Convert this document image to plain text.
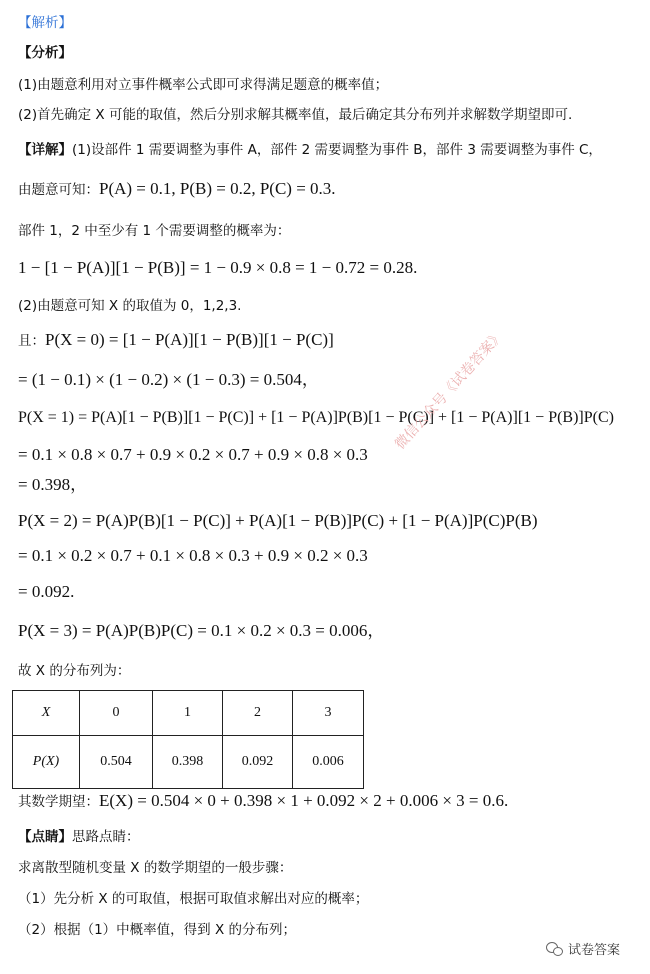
【解析】
【分析】
(1)由题意利用对立事件概率公式即可求得满足题意的概率值；
(2)首先确定 X 可能的取值，然后分别求解其概率值，最后确定其分布列并求解数学期望即可.
【详解】(1)设部件 1 需要调整为事件 A，部件 2 需要调整为事件 B，部件 3 需要调整为事件 C，
由题意可知：P(A) = 0.1, P(B) = 0.2, P(C) = 0.3.
部件 1，2 中至少有 1 个需要调整的概率为：
1 − [1 − P(A)][1 − P(B)] = 1 − 0.9 × 0.8 = 1 − 0.72 = 0.28.
(2)由题意可知 X 的取值为 0，1,2,3.
且：P(X = 0) = [1 − P(A)][1 − P(B)][1 − P(C)]
= (1 − 0.1) × (1 − 0.2) × (1 − 0.3) = 0.504，
P(X = 1) = P(A)[1 − P(B)][1 − P(C)] + [1 − P(A)]P(B)[1 − P(C)] + [1 − P(A)][1 − P(B)]P(C)
= 0.1 × 0.8 × 0.7 + 0.9 × 0.2 × 0.7 + 0.9 × 0.8 × 0.3
= 0.398，
P(X = 2) = P(A)P(B)[1 − P(C)] + P(A)[1 − P(B)]P(C) + [1 − P(A)]P(C)P(B)
= 0.1 × 0.2 × 0.7 + 0.1 × 0.8 × 0.3 + 0.9 × 0.2 × 0.3
= 0.092.
P(X = 3) = P(A)P(B)P(C) = 0.1 × 0.2 × 0.3 = 0.006，
故 X 的分布列为：
X	0	1	2	3
P(X)	0.504	0.398	0.092	0.006
其数学期望：E(X) = 0.504 × 0 + 0.398 × 1 + 0.092 × 2 + 0.006 × 3 = 0.6.
【点睛】思路点睛：
求离散型随机变量 X 的数学期望的一般步骤：
（1）先分析 X 的可取值，根据可取值求解出对应的概率；
（2）根据（1）中概率值，得到 X 的分布列；
微信公众号《试卷答案》
试卷答案
